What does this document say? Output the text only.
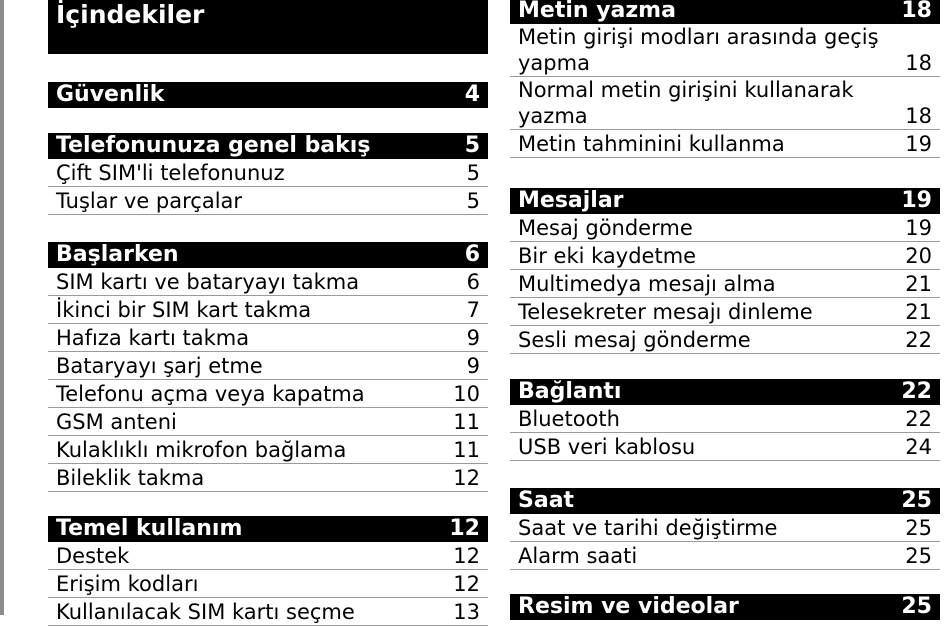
İçindekiler
Güvenlik	4
Telefonunuza genel bakış	5
Çift SIM'li telefonunuz	5
Tuşlar ve parçalar	5
Başlarken	6
SIM kartı ve bataryayı takma	6
İkinci bir SIM kart takma	7
Hafıza kartı takma	9
Bataryayı şarj etme	9
Telefonu açma veya kapatma	10
GSM anteni	11
Kulaklıklı mikrofon bağlama	11
Bileklik takma	12
Temel kullanım	12
Destek	12
Erişim kodları	12
Kullanılacak SIM kartı seçme	13
Metin yazma	18
Metin girişi modları arasında geçiş yapma	18
Normal metin girişini kullanarak yazma	18
Metin tahminini kullanma	19
Mesajlar	19
Mesaj gönderme	19
Bir eki kaydetme	20
Multimedya mesajı alma	21
Telesekreter mesajı dinleme	21
Sesli mesaj gönderme	22
Bağlantı	22
Bluetooth	22
USB veri kablosu	24
Saat	25
Saat ve tarihi değiştirme	25
Alarm saati	25
Resim ve videolar	25
